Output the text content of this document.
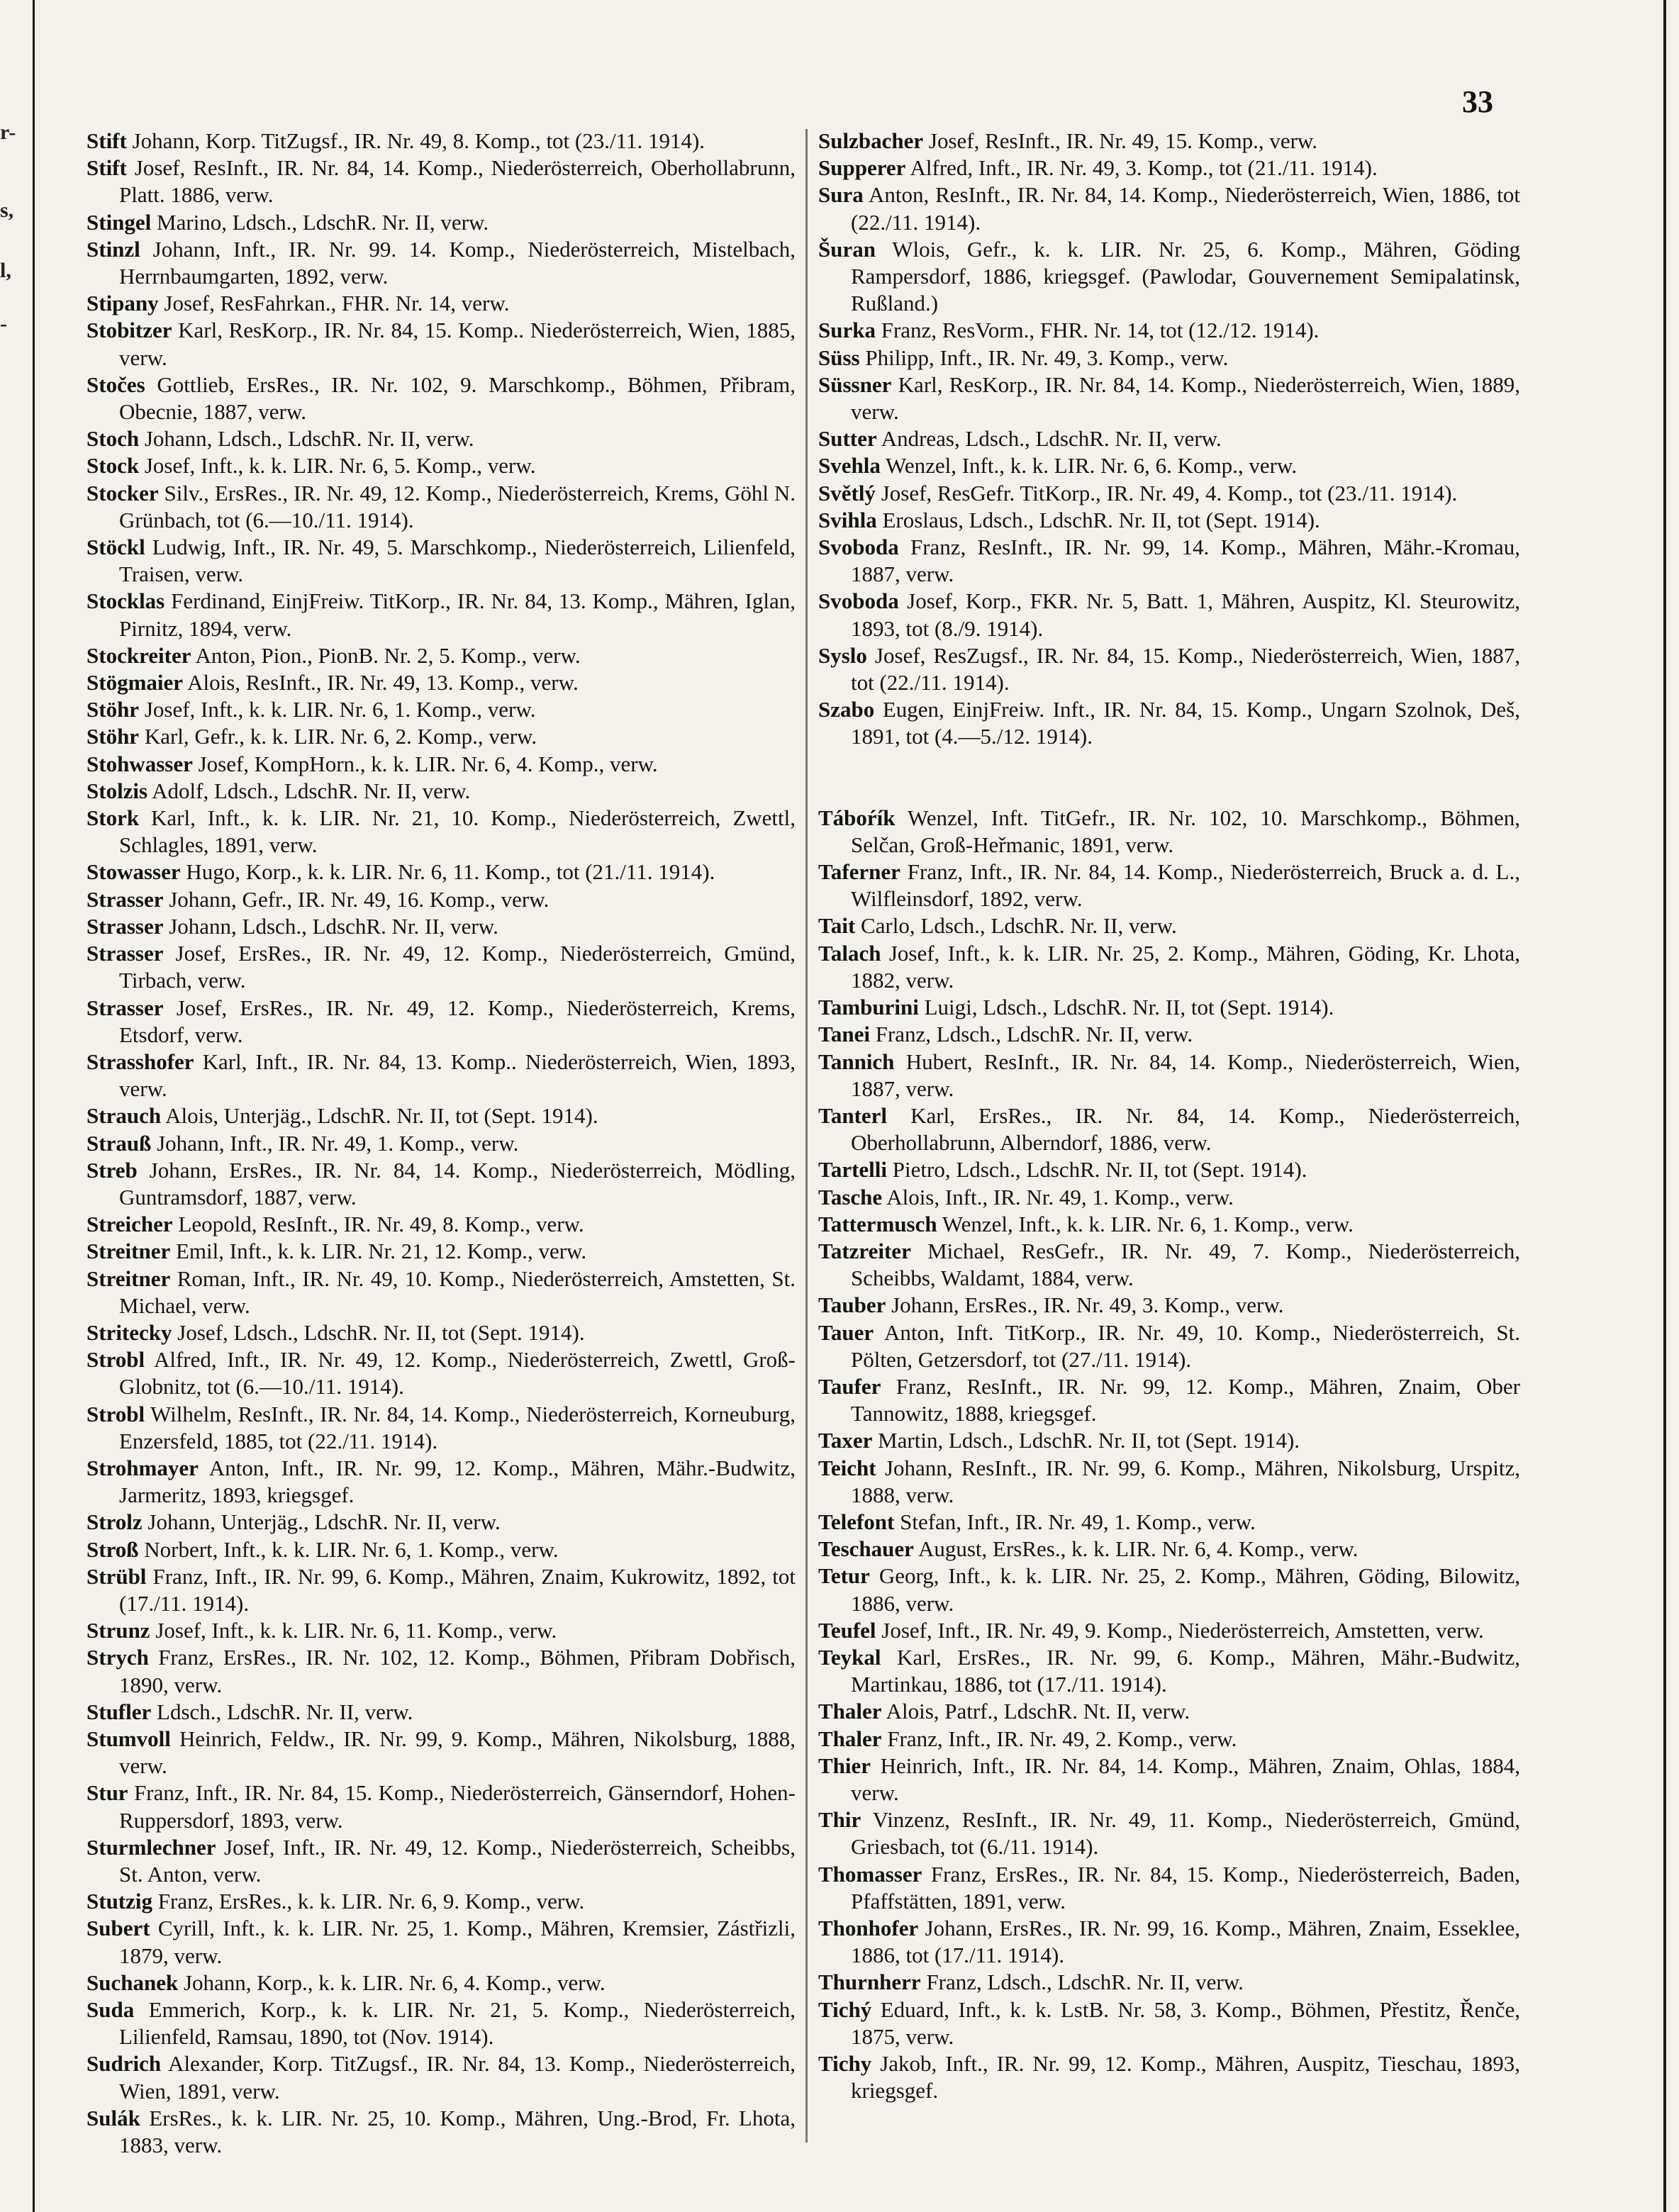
33
r-
s,
l,
-

Stift Johann, Korp. TitZugsf., IR. Nr. 49, 8. Komp., tot (23./11. 1914).

Stift Josef, ResInft., IR. Nr. 84, 14. Komp., Niederösterreich, Oberhollabrunn, Platt. 1886, verw.

Stingel Marino, Ldsch., LdschR. Nr. II, verw.

Stinzl Johann, Inft., IR. Nr. 99. 14. Komp., Niederösterreich, Mistelbach, Herrnbaumgarten, 1892, verw.

Stipany Josef, ResFahrkan., FHR. Nr. 14, verw.

Stobitzer Karl, ResKorp., IR. Nr. 84, 15. Komp.. Niederösterreich, Wien, 1885, verw.

Stočes Gottlieb, ErsRes., IR. Nr. 102, 9. Marschkomp., Böhmen, Přibram, Obecnie, 1887, verw.

Stoch Johann, Ldsch., LdschR. Nr. II, verw.

Stock Josef, Inft., k. k. LIR. Nr. 6, 5. Komp., verw.

Stocker Silv., ErsRes., IR. Nr. 49, 12. Komp., Niederösterreich, Krems, Göhl N. Grünbach, tot (6.—10./11. 1914).

Stöckl Ludwig, Inft., IR. Nr. 49, 5. Marschkomp., Niederösterreich, Lilienfeld, Traisen, verw.

Stocklas Ferdinand, EinjFreiw. TitKorp., IR. Nr. 84, 13. Komp., Mähren, Iglan, Pirnitz, 1894, verw.

Stockreiter Anton, Pion., PionB. Nr. 2, 5. Komp., verw.

Stögmaier Alois, ResInft., IR. Nr. 49, 13. Komp., verw.

Stöhr Josef, Inft., k. k. LIR. Nr. 6, 1. Komp., verw.

Stöhr Karl, Gefr., k. k. LIR. Nr. 6, 2. Komp., verw.

Stohwasser Josef, KompHorn., k. k. LIR. Nr. 6, 4. Komp., verw.

Stolzis Adolf, Ldsch., LdschR. Nr. II, verw.

Stork Karl, Inft., k. k. LIR. Nr. 21, 10. Komp., Niederösterreich, Zwettl, Schlagles, 1891, verw.

Stowasser Hugo, Korp., k. k. LIR. Nr. 6, 11. Komp., tot (21./11. 1914).

Strasser Johann, Gefr., IR. Nr. 49, 16. Komp., verw.

Strasser Johann, Ldsch., LdschR. Nr. II, verw.

Strasser Josef, ErsRes., IR. Nr. 49, 12. Komp., Niederösterreich, Gmünd, Tirbach, verw.

Strasser Josef, ErsRes., IR. Nr. 49, 12. Komp., Niederösterreich, Krems, Etsdorf, verw.

Strasshofer Karl, Inft., IR. Nr. 84, 13. Komp.. Niederösterreich, Wien, 1893, verw.

Strauch Alois, Unterjäg., LdschR. Nr. II, tot (Sept. 1914).

Strauß Johann, Inft., IR. Nr. 49, 1. Komp., verw.

Streb Johann, ErsRes., IR. Nr. 84, 14. Komp., Niederösterreich, Mödling, Guntramsdorf, 1887, verw.

Streicher Leopold, ResInft., IR. Nr. 49, 8. Komp., verw.

Streitner Emil, Inft., k. k. LIR. Nr. 21, 12. Komp., verw.

Streitner Roman, Inft., IR. Nr. 49, 10. Komp., Niederösterreich, Amstetten, St. Michael, verw.

Stritecky Josef, Ldsch., LdschR. Nr. II, tot (Sept. 1914).

Strobl Alfred, Inft., IR. Nr. 49, 12. Komp., Niederösterreich, Zwettl, Groß-Globnitz, tot (6.—10./11. 1914).

Strobl Wilhelm, ResInft., IR. Nr. 84, 14. Komp., Niederösterreich, Korneuburg, Enzersfeld, 1885, tot (22./11. 1914).

Strohmayer Anton, Inft., IR. Nr. 99, 12. Komp., Mähren, Mähr.-Budwitz, Jarmeritz, 1893, kriegsgef.

Strolz Johann, Unterjäg., LdschR. Nr. II, verw.

Stroß Norbert, Inft., k. k. LIR. Nr. 6, 1. Komp., verw.

Strübl Franz, Inft., IR. Nr. 99, 6. Komp., Mähren, Znaim, Kukrowitz, 1892, tot (17./11. 1914).

Strunz Josef, Inft., k. k. LIR. Nr. 6, 11. Komp., verw.

Strych Franz, ErsRes., IR. Nr. 102, 12. Komp., Böhmen, Přibram Dobřisch, 1890, verw.

Stufler Ldsch., LdschR. Nr. II, verw.

Stumvoll Heinrich, Feldw., IR. Nr. 99, 9. Komp., Mähren, Nikolsburg, 1888, verw.

Stur Franz, Inft., IR. Nr. 84, 15. Komp., Niederösterreich, Gänserndorf, Hohen-Ruppersdorf, 1893, verw.

Sturmlechner Josef, Inft., IR. Nr. 49, 12. Komp., Niederösterreich, Scheibbs, St. Anton, verw.

Stutzig Franz, ErsRes., k. k. LIR. Nr. 6, 9. Komp., verw.

Subert Cyrill, Inft., k. k. LIR. Nr. 25, 1. Komp., Mähren, Kremsier, Zástřizli, 1879, verw.

Suchanek Johann, Korp., k. k. LIR. Nr. 6, 4. Komp., verw.

Suda Emmerich, Korp., k. k. LIR. Nr. 21, 5. Komp., Niederösterreich, Lilienfeld, Ramsau, 1890, tot (Nov. 1914).

Sudrich Alexander, Korp. TitZugsf., IR. Nr. 84, 13. Komp., Niederösterreich, Wien, 1891, verw.

Sulák ErsRes., k. k. LIR. Nr. 25, 10. Komp., Mähren, Ung.-Brod, Fr. Lhota, 1883, verw.

Sulzbacher Josef, ResInft., IR. Nr. 49, 15. Komp., verw.

Supperer Alfred, Inft., IR. Nr. 49, 3. Komp., tot (21./11. 1914).

Sura Anton, ResInft., IR. Nr. 84, 14. Komp., Niederösterreich, Wien, 1886, tot (22./11. 1914).

Šuran Wlois, Gefr., k. k. LIR. Nr. 25, 6. Komp., Mähren, Göding Rampersdorf, 1886, kriegsgef. (Pawlodar, Gouvernement Semipalatinsk, Rußland.)

Surka Franz, ResVorm., FHR. Nr. 14, tot (12./12. 1914).

Süss Philipp, Inft., IR. Nr. 49, 3. Komp., verw.

Süssner Karl, ResKorp., IR. Nr. 84, 14. Komp., Niederösterreich, Wien, 1889, verw.

Sutter Andreas, Ldsch., LdschR. Nr. II, verw.

Svehla Wenzel, Inft., k. k. LIR. Nr. 6, 6. Komp., verw.

Světlý Josef, ResGefr. TitKorp., IR. Nr. 49, 4. Komp., tot (23./11. 1914).

Svihla Eroslaus, Ldsch., LdschR. Nr. II, tot (Sept. 1914).

Svoboda Franz, ResInft., IR. Nr. 99, 14. Komp., Mähren, Mähr.-Kromau, 1887, verw.

Svoboda Josef, Korp., FKR. Nr. 5, Batt. 1, Mähren, Auspitz, Kl. Steurowitz, 1893, tot (8./9. 1914).

Syslo Josef, ResZugsf., IR. Nr. 84, 15. Komp., Niederösterreich, Wien, 1887, tot (22./11. 1914).

Szabo Eugen, EinjFreiw. Inft., IR. Nr. 84, 15. Komp., Ungarn Szolnok, Deš, 1891, tot (4.—5./12. 1914).

Táboŕík Wenzel, Inft. TitGefr., IR. Nr. 102, 10. Marschkomp., Böhmen, Selčan, Groß-Heřmanic, 1891, verw.

Taferner Franz, Inft., IR. Nr. 84, 14. Komp., Niederösterreich, Bruck a. d. L., Wilfleinsdorf, 1892, verw.

Tait Carlo, Ldsch., LdschR. Nr. II, verw.

Talach Josef, Inft., k. k. LIR. Nr. 25, 2. Komp., Mähren, Göding, Kr. Lhota, 1882, verw.

Tamburini Luigi, Ldsch., LdschR. Nr. II, tot (Sept. 1914).

Tanei Franz, Ldsch., LdschR. Nr. II, verw.

Tannich Hubert, ResInft., IR. Nr. 84, 14. Komp., Niederösterreich, Wien, 1887, verw.

Tanterl Karl, ErsRes., IR. Nr. 84, 14. Komp., Niederösterreich, Oberhollabrunn, Alberndorf, 1886, verw.

Tartelli Pietro, Ldsch., LdschR. Nr. II, tot (Sept. 1914).

Tasche Alois, Inft., IR. Nr. 49, 1. Komp., verw.

Tattermusch Wenzel, Inft., k. k. LIR. Nr. 6, 1. Komp., verw.

Tatzreiter Michael, ResGefr., IR. Nr. 49, 7. Komp., Niederösterreich, Scheibbs, Waldamt, 1884, verw.

Tauber Johann, ErsRes., IR. Nr. 49, 3. Komp., verw.

Tauer Anton, Inft. TitKorp., IR. Nr. 49, 10. Komp., Niederösterreich, St. Pölten, Getzersdorf, tot (27./11. 1914).

Taufer Franz, ResInft., IR. Nr. 99, 12. Komp., Mähren, Znaim, Ober Tannowitz, 1888, kriegsgef.

Taxer Martin, Ldsch., LdschR. Nr. II, tot (Sept. 1914).

Teicht Johann, ResInft., IR. Nr. 99, 6. Komp., Mähren, Nikolsburg, Urspitz, 1888, verw.

Telefont Stefan, Inft., IR. Nr. 49, 1. Komp., verw.

Teschauer August, ErsRes., k. k. LIR. Nr. 6, 4. Komp., verw.

Tetur Georg, Inft., k. k. LIR. Nr. 25, 2. Komp., Mähren, Göding, Bilowitz, 1886, verw.

Teufel Josef, Inft., IR. Nr. 49, 9. Komp., Niederösterreich, Amstetten, verw.

Teykal Karl, ErsRes., IR. Nr. 99, 6. Komp., Mähren, Mähr.-Budwitz, Martinkau, 1886, tot (17./11. 1914).

Thaler Alois, Patrf., LdschR. Nt. II, verw.

Thaler Franz, Inft., IR. Nr. 49, 2. Komp., verw.

Thier Heinrich, Inft., IR. Nr. 84, 14. Komp., Mähren, Znaim, Ohlas, 1884, verw.

Thir Vinzenz, ResInft., IR. Nr. 49, 11. Komp., Niederösterreich, Gmünd, Griesbach, tot (6./11. 1914).

Thomasser Franz, ErsRes., IR. Nr. 84, 15. Komp., Niederösterreich, Baden, Pfaffstätten, 1891, verw.

Thonhofer Johann, ErsRes., IR. Nr. 99, 16. Komp., Mähren, Znaim, Esseklee, 1886, tot (17./11. 1914).

Thurnherr Franz, Ldsch., LdschR. Nr. II, verw.

Tichý Eduard, Inft., k. k. LstB. Nr. 58, 3. Komp., Böhmen, Přestitz, Řenče, 1875, verw.

Tichy Jakob, Inft., IR. Nr. 99, 12. Komp., Mähren, Auspitz, Tieschau, 1893, kriegsgef.
